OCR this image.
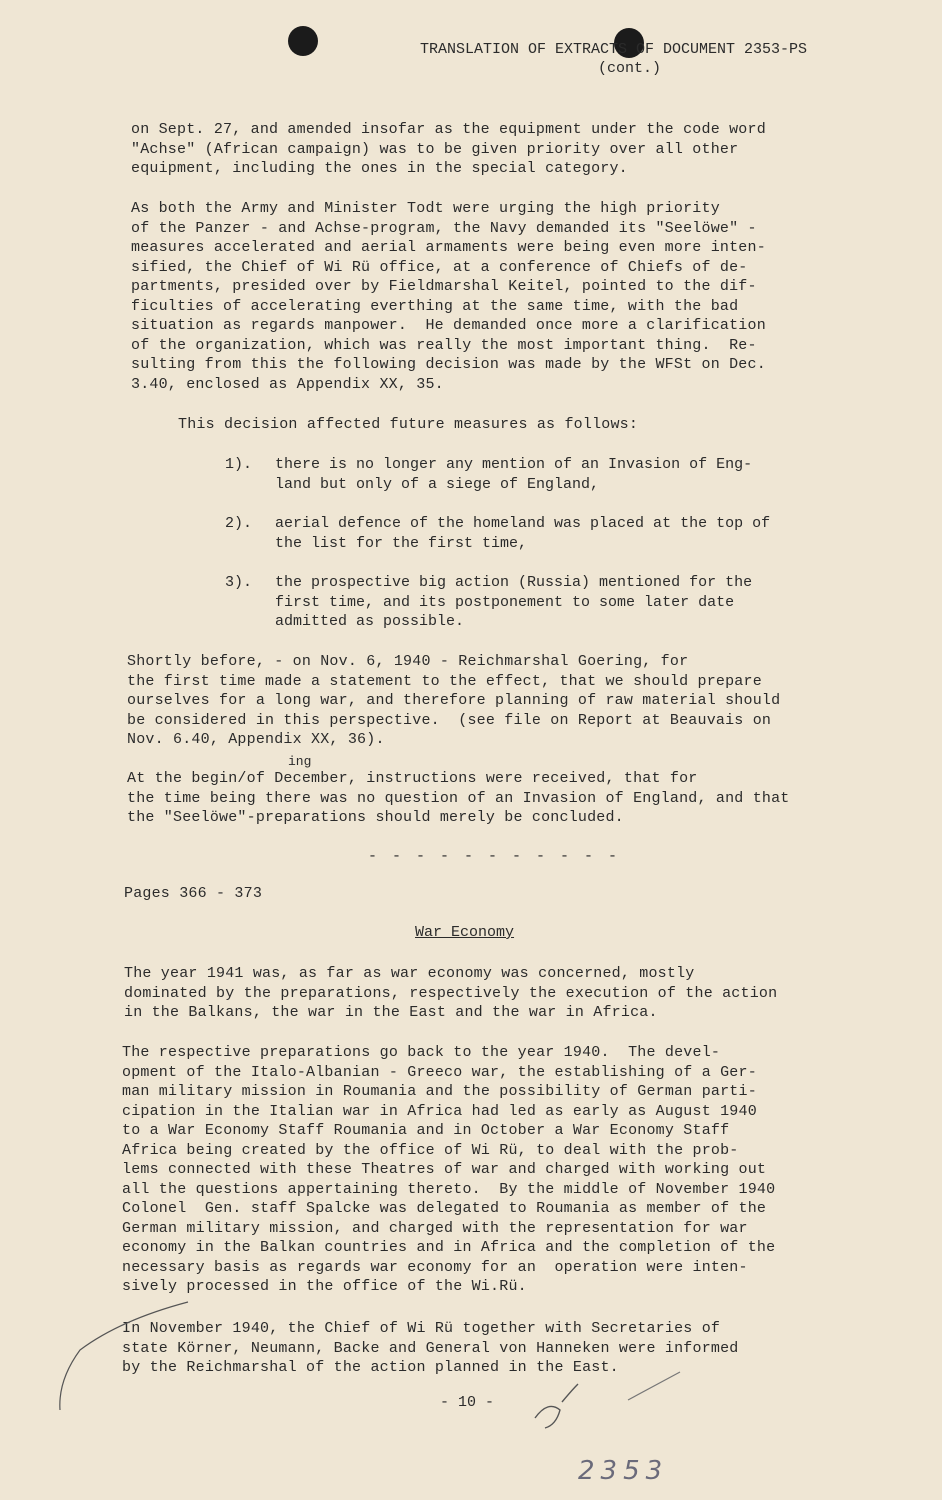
TRANSLATION OF EXTRACTS OF DOCUMENT 2353-PS
(cont.)
on Sept. 27, and amended insofar as the equipment under the code word
"Achse" (African campaign) was to be given priority over all other
equipment, including the ones in the special category.
As both the Army and Minister Todt were urging the high priority
of the Panzer - and Achse-program, the Navy demanded its "Seelöwe" -
measures accelerated and aerial armaments were being even more inten-
sified, the Chief of Wi Rü office, at a conference of Chiefs of de-
partments, presided over by Fieldmarshal Keitel, pointed to the dif-
ficulties of accelerating everthing at the same time, with the bad
situation as regards manpower.  He demanded once more a clarification
of the organization, which was really the most important thing.  Re-
sulting from this the following decision was made by the WFSt on Dec.
3.40, enclosed as Appendix XX, 35.
This decision affected future measures as follows:
1). there is no longer any mention of an Invasion of Eng-
land but only of a siege of England,
2). aerial defence of the homeland was placed at the top of
the list for the first time,
3). the prospective big action (Russia) mentioned for the
first time, and its postponement to some later date
admitted as possible.
Shortly before, - on Nov. 6, 1940 - Reichmarshal Goering, for
the first time made a statement to the effect, that we should prepare
ourselves for a long war, and therefore planning of raw material should
be considered in this perspective.  (see file on Report at Beauvais on
Nov. 6.40, Appendix XX, 36).
ing
At the begin/of December, instructions were received, that for
the time being there was no question of an Invasion of England, and that
the "Seelöwe"-preparations should merely be concluded.
- - - - - - - - - - -
Pages 366 - 373
War Economy
The year 1941 was, as far as war economy was concerned, mostly
dominated by the preparations, respectively the execution of the action
in the Balkans, the war in the East and the war in Africa.
The respective preparations go back to the year 1940.  The devel-
opment of the Italo-Albanian - Greeco war, the establishing of a Ger-
man military mission in Roumania and the possibility of German parti-
cipation in the Italian war in Africa had led as early as August 1940
to a War Economy Staff Roumania and in October a War Economy Staff
Africa being created by the office of Wi Rü, to deal with the prob-
lems connected with these Theatres of war and charged with working out
all the questions appertaining thereto.  By the middle of November 1940
Colonel  Gen. staff Spalcke was delegated to Roumania as member of the
German military mission, and charged with the representation for war
economy in the Balkan countries and in Africa and the completion of the
necessary basis as regards war economy for an  operation were inten-
sively processed in the office of the Wi.Rü.
In November 1940, the Chief of Wi Rü together with Secretaries of
state Körner, Neumann, Backe and General von Hanneken were informed
by the Reichmarshal of the action planned in the East.
- 10 -
2353
